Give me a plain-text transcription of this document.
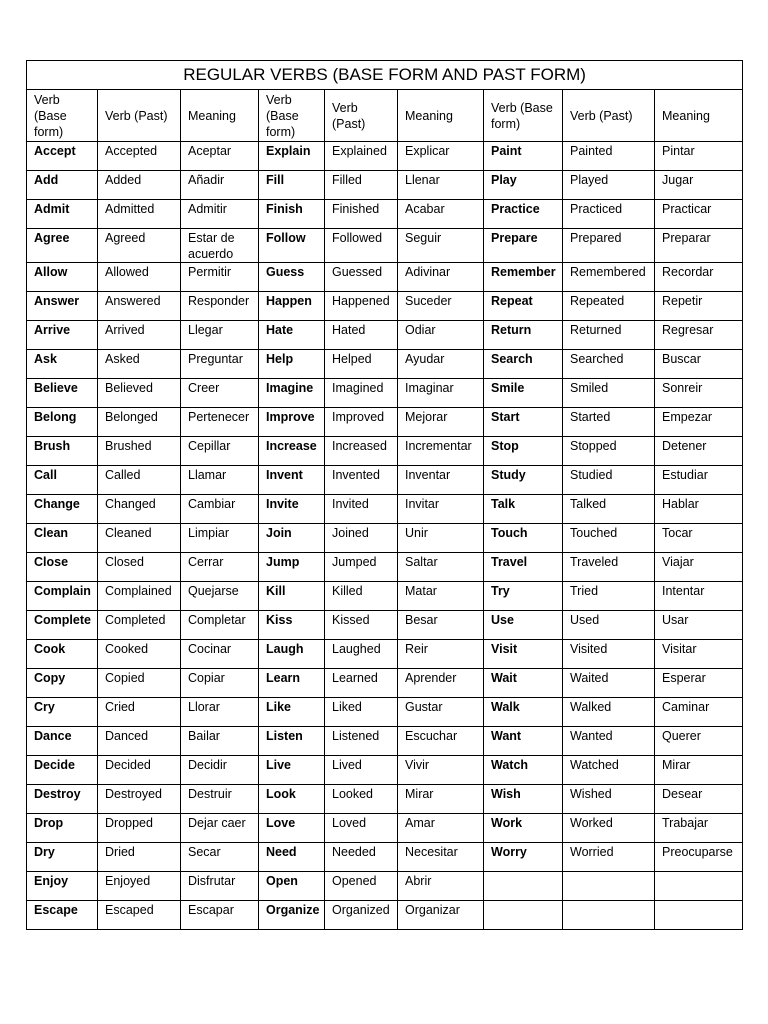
REGULAR VERBS (BASE FORM AND PAST FORM)								
Verb (Base form)	Verb (Past)	Meaning	Verb (Base form)	Verb (Past)	Meaning	Verb (Base form)	Verb (Past)	Meaning
Accept	Accepted	Aceptar	Explain	Explained	Explicar	Paint	Painted	Pintar
Add	Added	Añadir	Fill	Filled	Llenar	Play	Played	Jugar
Admit	Admitted	Admitir	Finish	Finished	Acabar	Practice	Practiced	Practicar
Agree	Agreed	Estar de acuerdo	Follow	Followed	Seguir	Prepare	Prepared	Preparar
Allow	Allowed	Permitir	Guess	Guessed	Adivinar	Remember	Remembered	Recordar
Answer	Answered	Responder	Happen	Happened	Suceder	Repeat	Repeated	Repetir
Arrive	Arrived	Llegar	Hate	Hated	Odiar	Return	Returned	Regresar
Ask	Asked	Preguntar	Help	Helped	Ayudar	Search	Searched	Buscar
Believe	Believed	Creer	Imagine	Imagined	Imaginar	Smile	Smiled	Sonreir
Belong	Belonged	Pertenecer	Improve	Improved	Mejorar	Start	Started	Empezar
Brush	Brushed	Cepillar	Increase	Increased	Incrementar	Stop	Stopped	Detener
Call	Called	Llamar	Invent	Invented	Inventar	Study	Studied	Estudiar
Change	Changed	Cambiar	Invite	Invited	Invitar	Talk	Talked	Hablar
Clean	Cleaned	Limpiar	Join	Joined	Unir	Touch	Touched	Tocar
Close	Closed	Cerrar	Jump	Jumped	Saltar	Travel	Traveled	Viajar
Complain	Complained	Quejarse	Kill	Killed	Matar	Try	Tried	Intentar
Complete	Completed	Completar	Kiss	Kissed	Besar	Use	Used	Usar
Cook	Cooked	Cocinar	Laugh	Laughed	Reir	Visit	Visited	Visitar
Copy	Copied	Copiar	Learn	Learned	Aprender	Wait	Waited	Esperar
Cry	Cried	Llorar	Like	Liked	Gustar	Walk	Walked	Caminar
Dance	Danced	Bailar	Listen	Listened	Escuchar	Want	Wanted	Querer
Decide	Decided	Decidir	Live	Lived	Vivir	Watch	Watched	Mirar
Destroy	Destroyed	Destruir	Look	Looked	Mirar	Wish	Wished	Desear
Drop	Dropped	Dejar caer	Love	Loved	Amar	Work	Worked	Trabajar
Dry	Dried	Secar	Need	Needed	Necesitar	Worry	Worried	Preocuparse
Enjoy	Enjoyed	Disfrutar	Open	Opened	Abrir			
Escape	Escaped	Escapar	Organize	Organized	Organizar			
